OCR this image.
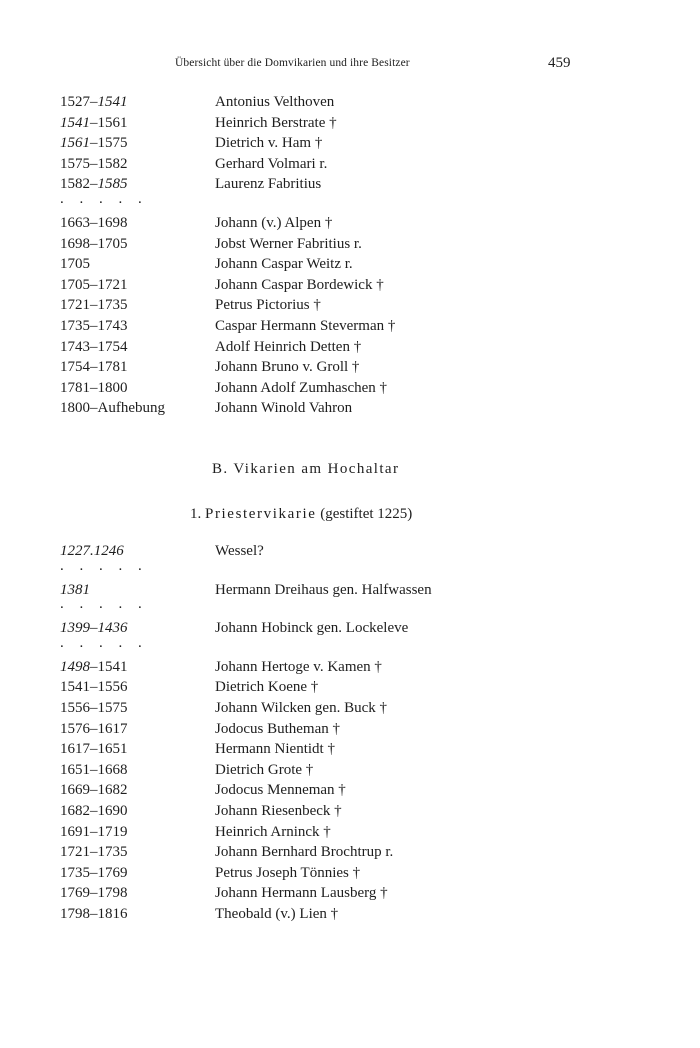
Übersicht über die Domvikarien und ihre Besitzer	459
1527–1541	Antonius Velthoven
1541–1561	Heinrich Berstrate †
1561–1575	Dietrich v. Ham †
1575–1582	Gerhard Volmari r.
1582–1585	Laurenz Fabritius
. . . . .
1663–1698	Johann (v.) Alpen †
1698–1705	Jobst Werner Fabritius r.
1705	Johann Caspar Weitz r.
1705–1721	Johann Caspar Bordewick †
1721–1735	Petrus Pictorius †
1735–1743	Caspar Hermann Steverman †
1743–1754	Adolf Heinrich Detten †
1754–1781	Johann Bruno v. Groll †
1781–1800	Johann Adolf Zumhaschen †
1800–Aufhebung	Johann Winold Vahron
B. Vikarien am Hochaltar
1. Priestervikarie (gestiftet 1225)
1227.1246	Wessel?
. . . . .
1381	Hermann Dreihaus gen. Halfwassen
. . . . .
1399–1436	Johann Hobinck gen. Lockeleve
. . . . .
1498–1541	Johann Hertoge v. Kamen †
1541–1556	Dietrich Koene †
1556–1575	Johann Wilcken gen. Buck †
1576–1617	Jodocus Butheman †
1617–1651	Hermann Nientidt †
1651–1668	Dietrich Grote †
1669–1682	Jodocus Menneman †
1682–1690	Johann Riesenbeck †
1691–1719	Heinrich Arninck †
1721–1735	Johann Bernhard Brochtrup r.
1735–1769	Petrus Joseph Tönnies †
1769–1798	Johann Hermann Lausberg †
1798–1816	Theobald (v.) Lien †
